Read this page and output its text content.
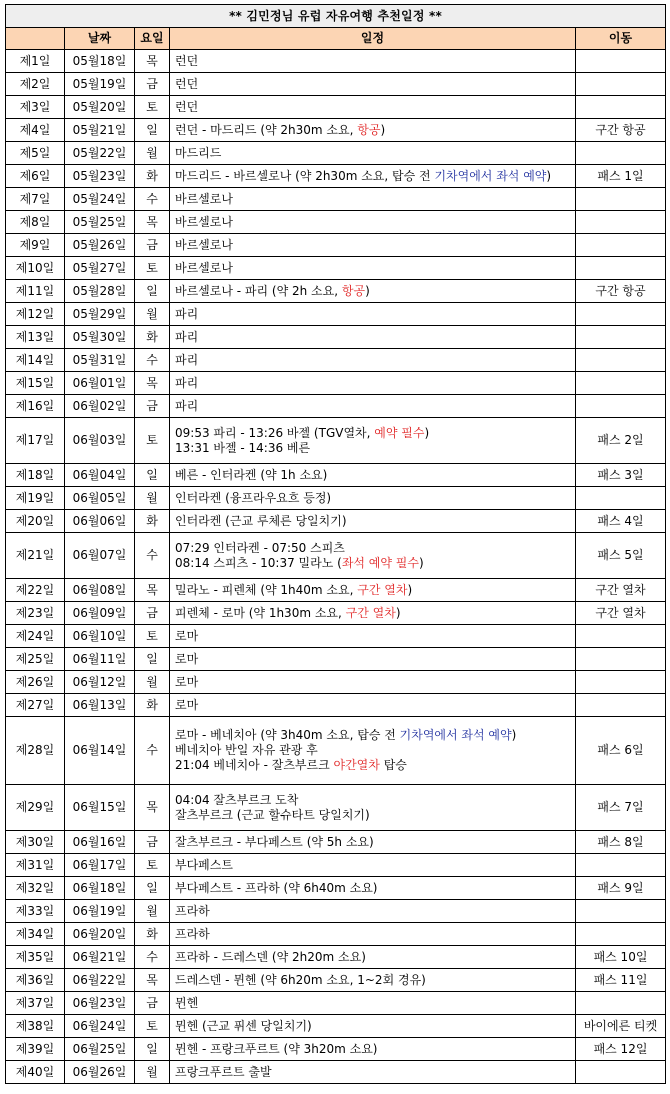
** 김민정님 유럽 자유여행 추천일정 **				
	날짜	요일	일정	이동
제1일	05월18일	목	런던	

제2일	05월19일	금	런던	

제3일	05월20일	토	런던	

제4일	05월21일	일	런던 - 마드리드 (약 2h30m 소요, 항공)	구간 항공
제5일	05월22일	월	마드리드	

제6일	05월23일	화	마드리드 - 바르셀로나 (약 2h30m 소요, 탑승 전 기차역에서 좌석 예약)	패스 1일
제7일	05월24일	수	바르셀로나	

제8일	05월25일	목	바르셀로나	

제9일	05월26일	금	바르셀로나	

제10일	05월27일	토	바르셀로나	

제11일	05월28일	일	바르셀로나 - 파리 (약 2h 소요, 항공)	구간 항공
제12일	05월29일	월	파리	

제13일	05월30일	화	파리	

제14일	05월31일	수	파리	

제15일	06월01일	목	파리	

제16일	06월02일	금	파리	

제17일	06월03일	토	09:53 파리 - 13:26 바젤 (TGV열차, 예약 필수)
13:31 바젤 - 14:36 베른	패스 2일
제18일	06월04일	일	베른 - 인터라켄 (약 1h 소요)	패스 3일
제19일	06월05일	월	인터라켄 (융프라우요흐 등정)	

제20일	06월06일	화	인터라켄 (근교 루체른 당일치기)	패스 4일
제21일	06월07일	수	07:29 인터라켄 - 07:50 스피츠
08:14 스피츠 - 10:37 밀라노 (좌석 예약 필수)	패스 5일
제22일	06월08일	목	밀라노 - 피렌체 (약 1h40m 소요, 구간 열차)	구간 열차
제23일	06월09일	금	피렌체 - 로마 (약 1h30m 소요, 구간 열차)	구간 열차
제24일	06월10일	토	로마	

제25일	06월11일	일	로마	

제26일	06월12일	월	로마	

제27일	06월13일	화	로마	

제28일	06월14일	수	로마 - 베네치아 (약 3h40m 소요, 탑승 전 기차역에서 좌석 예약)
베네치아 반일 자유 관광 후
21:04 베네치아 - 잘츠부르크 야간열차 탑승	패스 6일
제29일	06월15일	목	04:04 잘츠부르크 도착
잘츠부르크 (근교 할슈타트 당일치기)	패스 7일
제30일	06월16일	금	잘츠부르크 - 부다페스트 (약 5h 소요)	패스 8일
제31일	06월17일	토	부다페스트	

제32일	06월18일	일	부다페스트 - 프라하 (약 6h40m 소요)	패스 9일
제33일	06월19일	월	프라하	

제34일	06월20일	화	프라하	

제35일	06월21일	수	프라하 - 드레스덴 (약 2h20m 소요)	패스 10일
제36일	06월22일	목	드레스덴 - 뮌헨 (약 6h20m 소요, 1~2회 경유)	패스 11일
제37일	06월23일	금	뮌헨	

제38일	06월24일	토	뮌헨 (근교 퓌센 당일치기)	바이에른 티켓
제39일	06월25일	일	뮌헨 - 프랑크푸르트 (약 3h20m 소요)	패스 12일
제40일	06월26일	월	프랑크푸르트 출발	
